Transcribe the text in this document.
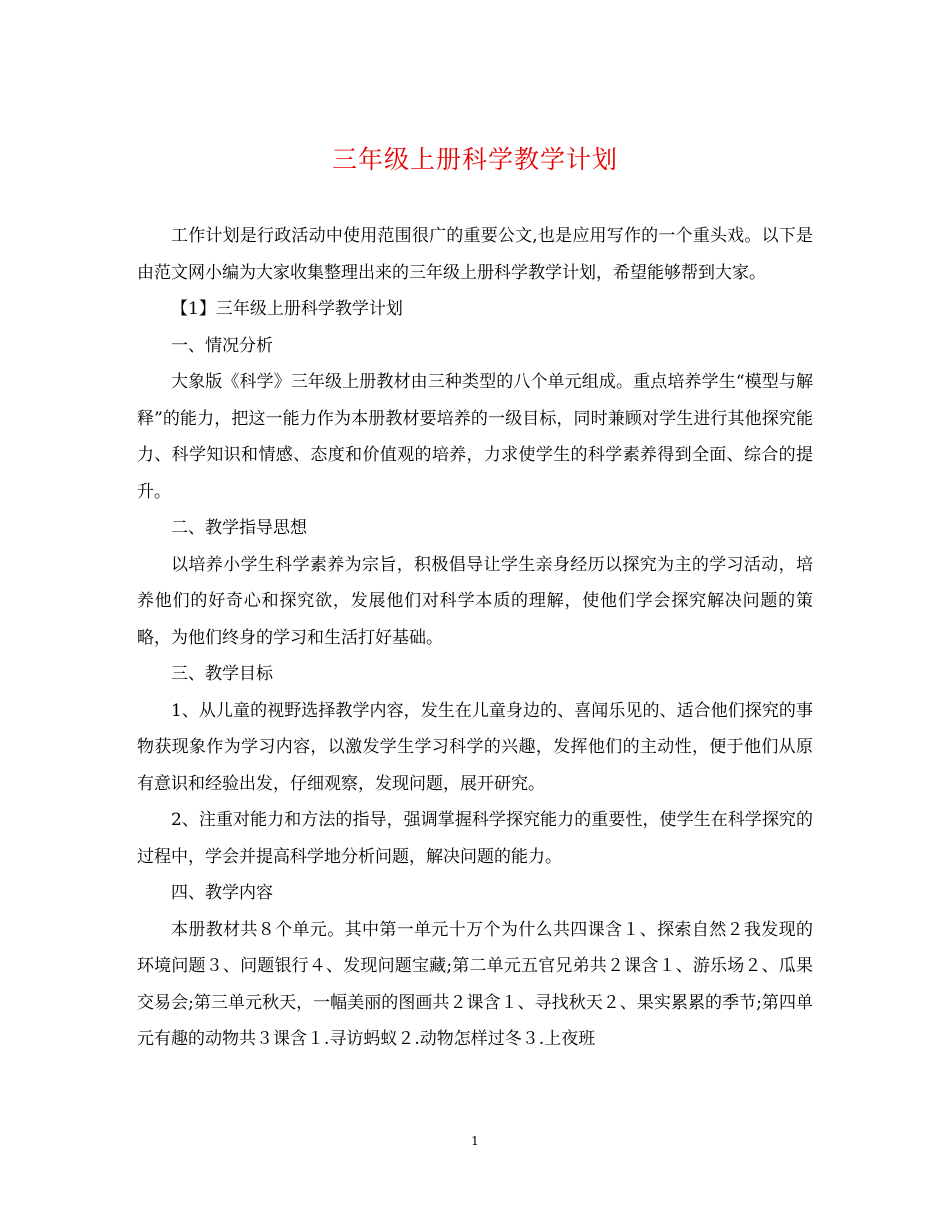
三年级上册科学教学计划

工作计划是行政活动中使用范围很广的重要公文,也是应用写作的一个重头戏。以下是由范文网小编为大家收集整理出来的三年级上册科学教学计划，希望能够帮到大家。

【1】三年级上册科学教学计划

一、情况分析

大象版《科学》三年级上册教材由三种类型的八个单元组成。重点培养学生“模型与解释”的能力，把这一能力作为本册教材要培养的一级目标，同时兼顾对学生进行其他探究能力、科学知识和情感、态度和价值观的培养，力求使学生的科学素养得到全面、综合的提升。

二、教学指导思想

以培养小学生科学素养为宗旨，积极倡导让学生亲身经历以探究为主的学习活动，培养他们的好奇心和探究欲，发展他们对科学本质的理解，使他们学会探究解决问题的策略，为他们终身的学习和生活打好基础。

三、教学目标

1、从儿童的视野选择教学内容，发生在儿童身边的、喜闻乐见的、适合他们探究的事物获现象作为学习内容，以激发学生学习科学的兴趣，发挥他们的主动性，便于他们从原有意识和经验出发，仔细观察，发现问题，展开研究。

2、注重对能力和方法的指导，强调掌握科学探究能力的重要性，使学生在科学探究的过程中，学会并提高科学地分析问题，解决问题的能力。

四、教学内容

本册教材共８个单元。其中第一单元十万个为什么共四课含１、探索自然２我发现的环境问题３、问题银行４、发现问题宝藏;第二单元五官兄弟共２课含１、游乐场２、瓜果交易会;第三单元秋天，一幅美丽的图画共２课含１、寻找秋天２、果实累累的季节;第四单元有趣的动物共３课含１.寻访蚂蚁２.动物怎样过冬３.上夜班

1
